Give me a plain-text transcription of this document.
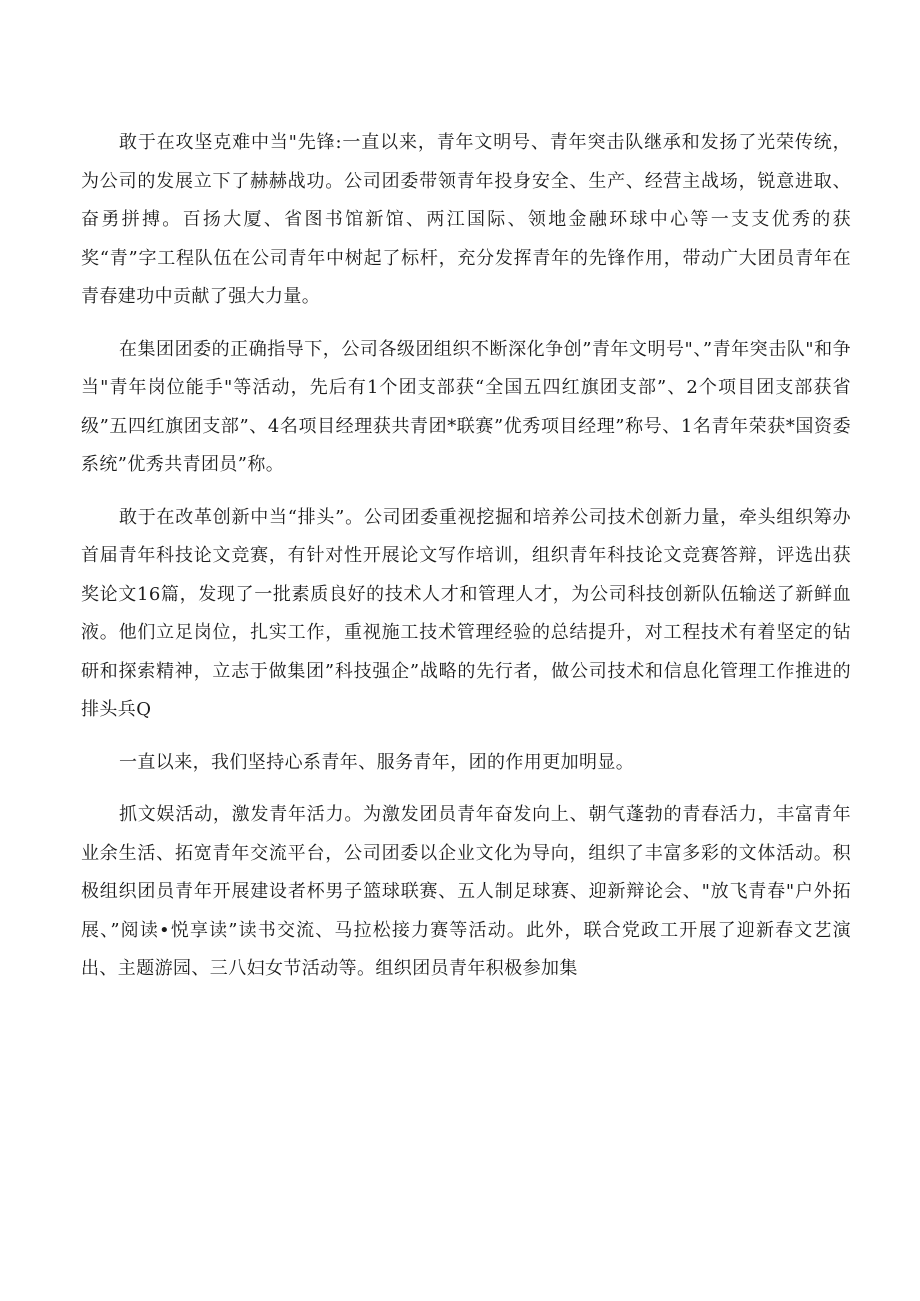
敢于在攻坚克难中当"先锋:一直以来，青年文明号、青年突击队继承和发扬了光荣传统，为公司的发展立下了赫赫战功。公司团委带领青年投身安全、生产、经营主战场，锐意进取、奋勇拼搏。百扬大厦、省图书馆新馆、两江国际、领地金融环球中心等一支支优秀的获奖“青”字工程队伍在公司青年中树起了标杆，充分发挥青年的先锋作用，带动广大团员青年在青春建功中贡献了强大力量。

在集团团委的正确指导下，公司各级团组织不断深化争创”青年文明号"、”青年突击队"和争当"青年岗位能手"等活动，先后有1个团支部获“全国五四红旗团支部”、2个项目团支部获省级”五四红旗团支部”、4名项目经理获共青团*联赛”优秀项目经理”称号、1名青年荣获*国资委系统”优秀共青团员”称。

敢于在改革创新中当“排头”。公司团委重视挖掘和培养公司技术创新力量，牵头组织筹办首届青年科技论文竞赛，有针对性开展论文写作培训，组织青年科技论文竞赛答辩，评选出获奖论文16篇，发现了一批素质良好的技术人才和管理人才，为公司科技创新队伍输送了新鲜血液。他们立足岗位，扎实工作，重视施工技术管理经验的总结提升，对工程技术有着坚定的钻研和探索精神，立志于做集团”科技强企”战略的先行者，做公司技术和信息化管理工作推进的排头兵Q

一直以来，我们坚持心系青年、服务青年，团的作用更加明显。

抓文娱活动，激发青年活力。为激发团员青年奋发向上、朝气蓬勃的青春活力，丰富青年业余生活、拓宽青年交流平台，公司团委以企业文化为导向，组织了丰富多彩的文体活动。积极组织团员青年开展建设者杯男子篮球联赛、五人制足球赛、迎新辩论会、"放飞青春"户外拓展、”阅读•悦享读”读书交流、马拉松接力赛等活动。此外，联合党政工开展了迎新春文艺演出、主题游园、三八妇女节活动等。组织团员青年积极参加集
